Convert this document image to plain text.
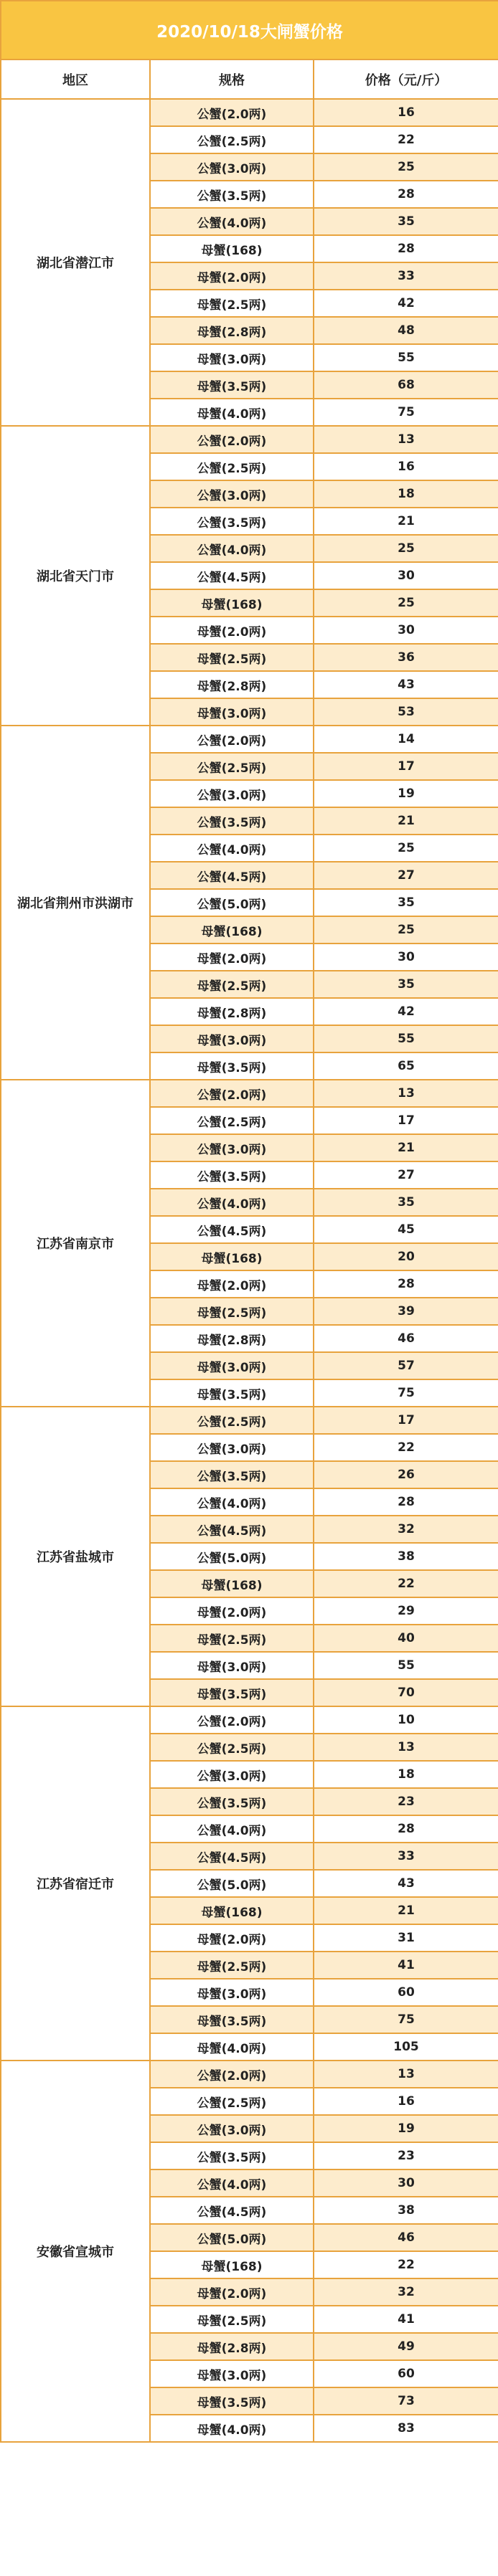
2020/10/18大闸蟹价格		
地区	规格	价格（元/斤）
湖北省潜江市	公蟹(2.0两)	16
	公蟹(2.5两)	22
	公蟹(3.0两)	25
	公蟹(3.5两)	28
	公蟹(4.0两)	35
	母蟹(168)	28
	母蟹(2.0两)	33
	母蟹(2.5两)	42
	母蟹(2.8两)	48
	母蟹(3.0两)	55
	母蟹(3.5两)	68
	母蟹(4.0两)	75
湖北省天门市	公蟹(2.0两)	13
	公蟹(2.5两)	16
	公蟹(3.0两)	18
	公蟹(3.5两)	21
	公蟹(4.0两)	25
	公蟹(4.5两)	30
	母蟹(168)	25
	母蟹(2.0两)	30
	母蟹(2.5两)	36
	母蟹(2.8两)	43
	母蟹(3.0两)	53
湖北省荆州市洪湖市	公蟹(2.0两)	14
	公蟹(2.5两)	17
	公蟹(3.0两)	19
	公蟹(3.5两)	21
	公蟹(4.0两)	25
	公蟹(4.5两)	27
	公蟹(5.0两)	35
	母蟹(168)	25
	母蟹(2.0两)	30
	母蟹(2.5两)	35
	母蟹(2.8两)	42
	母蟹(3.0两)	55
	母蟹(3.5两)	65
江苏省南京市	公蟹(2.0两)	13
	公蟹(2.5两)	17
	公蟹(3.0两)	21
	公蟹(3.5两)	27
	公蟹(4.0两)	35
	公蟹(4.5两)	45
	母蟹(168)	20
	母蟹(2.0两)	28
	母蟹(2.5两)	39
	母蟹(2.8两)	46
	母蟹(3.0两)	57
	母蟹(3.5两)	75
江苏省盐城市	公蟹(2.5两)	17
	公蟹(3.0两)	22
	公蟹(3.5两)	26
	公蟹(4.0两)	28
	公蟹(4.5两)	32
	公蟹(5.0两)	38
	母蟹(168)	22
	母蟹(2.0两)	29
	母蟹(2.5两)	40
	母蟹(3.0两)	55
	母蟹(3.5两)	70
江苏省宿迁市	公蟹(2.0两)	10
	公蟹(2.5两)	13
	公蟹(3.0两)	18
	公蟹(3.5两)	23
	公蟹(4.0两)	28
	公蟹(4.5两)	33
	公蟹(5.0两)	43
	母蟹(168)	21
	母蟹(2.0两)	31
	母蟹(2.5两)	41
	母蟹(3.0两)	60
	母蟹(3.5两)	75
	母蟹(4.0两)	105
安徽省宣城市	公蟹(2.0两)	13
	公蟹(2.5两)	16
	公蟹(3.0两)	19
	公蟹(3.5两)	23
	公蟹(4.0两)	30
	公蟹(4.5两)	38
	公蟹(5.0两)	46
	母蟹(168)	22
	母蟹(2.0两)	32
	母蟹(2.5两)	41
	母蟹(2.8两)	49
	母蟹(3.0两)	60
	母蟹(3.5两)	73
	母蟹(4.0两)	83
